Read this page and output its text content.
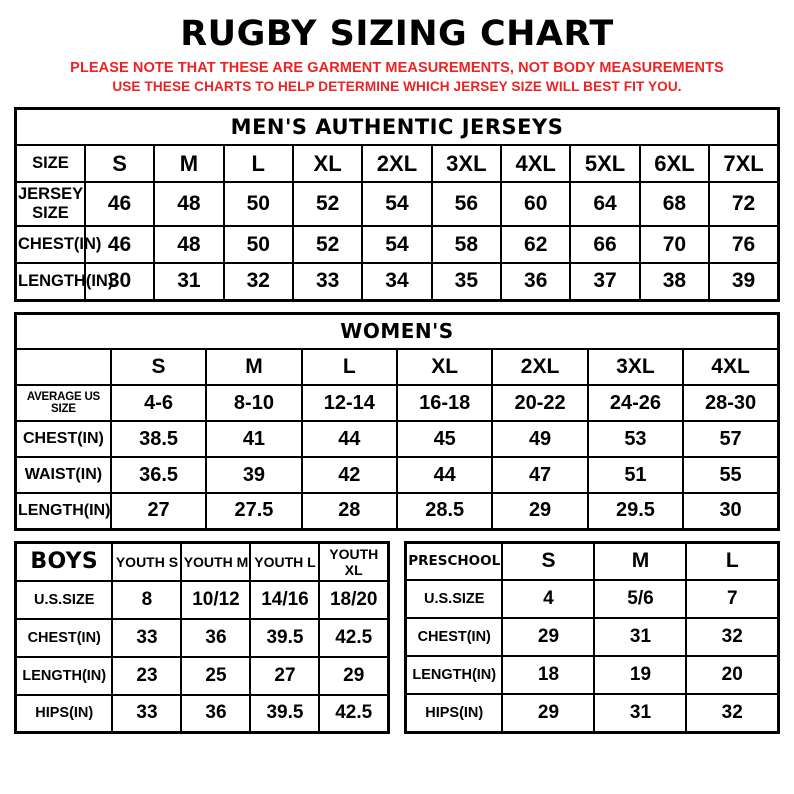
RUGBY SIZING CHART
PLEASE NOTE THAT THESE ARE GARMENT MEASUREMENTS, NOT BODY MEASUREMENTS
USE THESE CHARTS TO HELP DETERMINE WHICH JERSEY SIZE WILL BEST FIT YOU.
MEN'S AUTHENTIC JERSEYS										
SIZE	S	M	L	XL	2XL	3XL	4XL	5XL	6XL	7XL
JERSEY SIZE	46	48	50	52	54	56	60	64	68	72
CHEST(IN)	46	48	50	52	54	58	62	66	70	76
LENGTH(IN)	30	31	32	33	34	35	36	37	38	39
WOMEN'S							
	S	M	L	XL	2XL	3XL	4XL
AVERAGE US SIZE	4-6	8-10	12-14	16-18	20-22	24-26	28-30
CHEST(IN)	38.5	41	44	45	49	53	57
WAIST(IN)	36.5	39	42	44	47	51	55
LENGTH(IN)	27	27.5	28	28.5	29	29.5	30
BOYS	YOUTH S	YOUTH M	YOUTH L	YOUTH XL
U.S.SIZE	8	10/12	14/16	18/20
CHEST(IN)	33	36	39.5	42.5
LENGTH(IN)	23	25	27	29
HIPS(IN)	33	36	39.5	42.5
PRESCHOOL	S	M	L
U.S.SIZE	4	5/6	7
CHEST(IN)	29	31	32
LENGTH(IN)	18	19	20
HIPS(IN)	29	31	32
